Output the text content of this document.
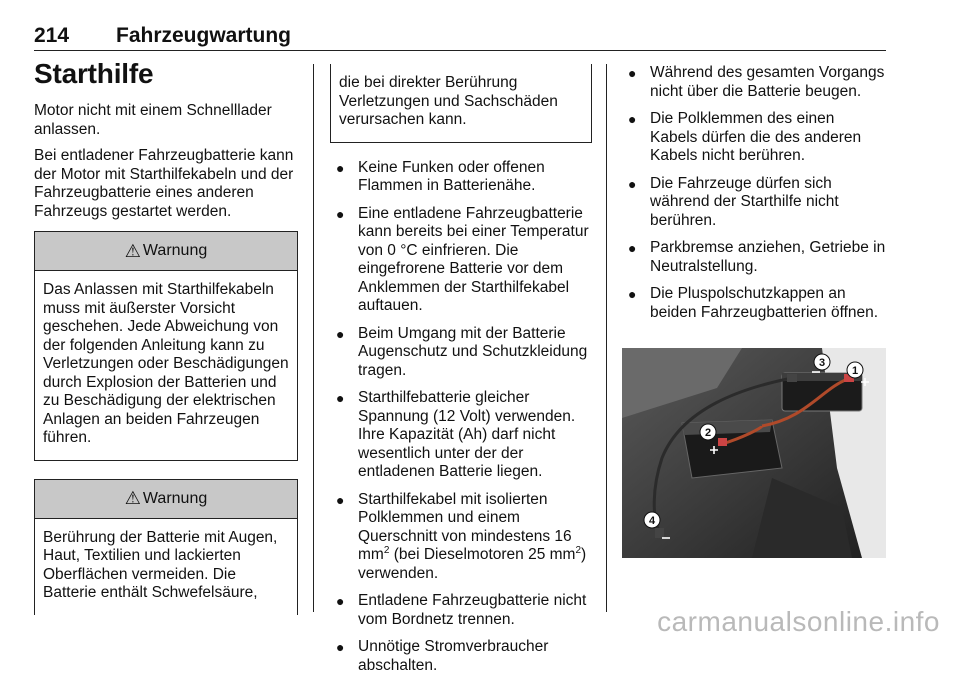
214 Fahrzeugwartung
Starthilfe

Motor nicht mit einem Schnelllader anlassen.

Bei entladener Fahrzeugbatterie kann der Motor mit Starthilfekabeln und der Fahrzeugbatterie eines anderen Fahrzeugs gestartet werden.

⚠ Warnung
Das Anlassen mit Starthilfekabeln muss mit äußerster Vorsicht geschehen. Jede Abweichung von der folgenden Anleitung kann zu Verletzungen oder Beschädigungen durch Explosion der Batterien und zu Beschädigung der elektrischen Anlagen an beiden Fahrzeugen führen.
⚠ Warnung
Berührung der Batterie mit Augen, Haut, Textilien und lackierten Oberflächen vermeiden. Die Batterie enthält Schwefelsäure,
die bei direkter Berührung Verletzungen und Sachschäden verursachen kann.
● Keine Funken oder offenen Flammen in Batterienähe.
● Eine entladene Fahrzeugbatterie kann bereits bei einer Temperatur von 0 °C einfrieren. Die eingefrorene Batterie vor dem Anklemmen der Starthilfekabel auftauen.
● Beim Umgang mit der Batterie Augenschutz und Schutzkleidung tragen.
● Starthilfebatterie gleicher Spannung (12 Volt) verwenden. Ihre Kapazität (Ah) darf nicht wesentlich unter der der entladenen Batterie liegen.
● Starthilfekabel mit isolierten Polklemmen und einem Querschnitt von mindestens 16 $mm^2$ (bei Dieselmotoren 25 $mm^2$) verwenden.
● Entladene Fahrzeugbatterie nicht vom Bordnetz trennen.
● Unnötige Stromverbraucher abschalten.
● Während des gesamten Vorgangs nicht über die Batterie beugen.
● Die Polklemmen des einen Kabels dürfen die des anderen Kabels nicht berühren.
● Die Fahrzeuge dürfen sich während der Starthilfe nicht berühren.
● Parkbremse anziehen, Getriebe in Neutralstellung.
● Die Pluspolschutzkappen an beiden Fahrzeugbatterien öffnen.
1
2
3
4
carmanualsonline.info
